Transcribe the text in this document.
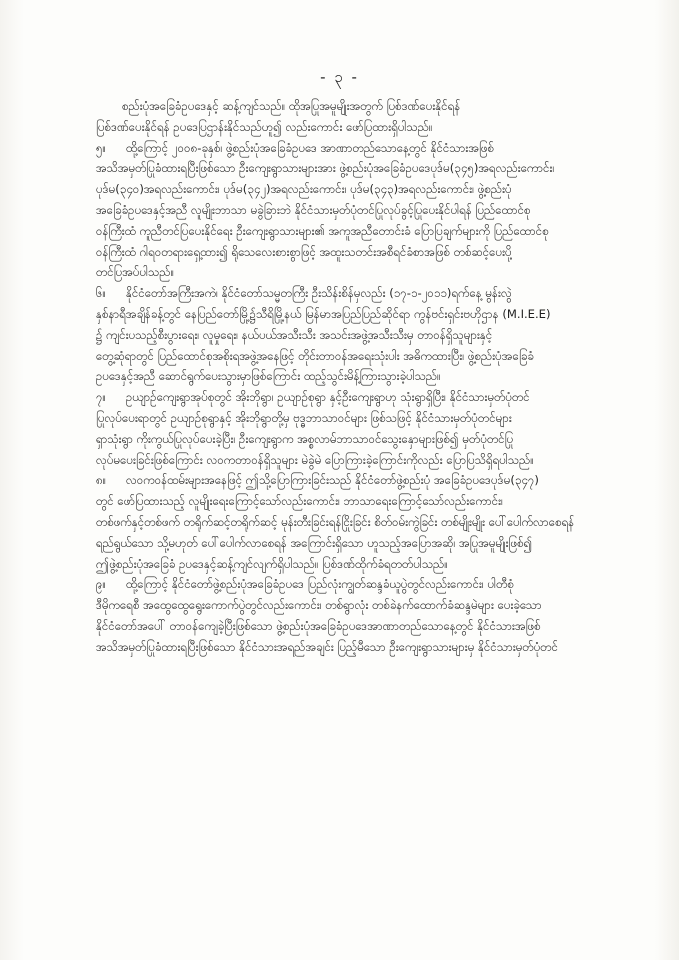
- ၃ -
စည်းပုံအခြေခံဥပဒေနှင့် ဆန့်ကျင်သည်။ ထိုအပြုအမူမျိုးအတွက် ပြစ်ဒဏ်ပေးနိုင်ရန်
ပြစ်ဒဏ်ပေးနိုင်ရန် ဥပဒေပြဌာန်းနိုင်သည်ဟူ၍ လည်းကောင်း ဖော်ပြထားရှိပါသည်။
၅။ ထို့ကြောင့် ၂၀၀၈-ခုနှစ်၊ ဖွဲ့စည်းပုံအခြေခံဥပဒေ အာဏာတည်သောနေ့တွင် နိုင်ငံသားအဖြစ်
အသိအမှတ်ပြုခံထားရပြီးဖြစ်သော ဦးကျေးရွာသားများအား ဖွဲ့စည်းပုံအခြေခံဥပဒေပုဒ်မ(၃၄၅)အရလည်းကောင်း၊
ပုဒ်မ(၃၄၀)အရလည်းကောင်း၊ ပုဒ်မ(၃၄၂)အရလည်းကောင်း၊ ပုဒ်မ(၃၄၃)အရလည်းကောင်း၊ ဖွဲ့စည်းပုံ
အခြေခံဥပဒေနှင့်အညီ လူမျိုးဘာသာ မခွဲခြားဘဲ နိုင်ငံသားမှတ်ပုံတင်ပြုလုပ်ခွင့်ပြုပေးနိုင်ပါရန် ပြည်ထောင်စု
ဝန်ကြီးထံ ကူညီတင်ပြပေးနိုင်ရေး ဦးကျေးရွာသားများ၏ အကူအညီတောင်းခံ ပြောပြချက်များကို ပြည်ထောင်စု
ဝန်ကြီးထံ ဂါရဝတရားရှေ့ထား၍ ရိုသေလေးစားစွာဖြင့် အထူးသတင်းအစီရင်ခံစာအဖြစ် တစ်ဆင့်ပေးပို့
တင်ပြအပ်ပါသည်။
၆။ နိုင်ငံတော်အကြီးအကဲ၊ နိုင်ငံတော်သမ္မတကြီး ဦးသိန်းစိန်မှလည်း (၁၇-၁-၂၀၁၁)ရက်နေ့ မွန်းလွဲ
နှစ်နာရီအချိန်ခန့်တွင် နေပြည်တော်မြို့၌သီရိမြို့နယ် မြန်မာအပြည်ပြည်ဆိုင်ရာ ကွန်ဗင်းရှင်းဗဟိုဌာန (M.I.E.E)
၌ ကျင်းပသည့်စီးပွားရေး၊ လူမှုရေး၊ နယ်ပယ်အသီးသီး အသင်းအဖွဲ့အသီးသီးမှ တာဝန်ရှိသူများနှင့်
တွေ့ဆုံရာတွင် ပြည်ထောင်စုအစိုးရအဖွဲ့အနေဖြင့် တိုင်းတာဝန်အရေးသုံးပါး အဓိကထားပြီး၊ ဖွဲ့စည်းပုံအခြေခံ
ဥပဒေနှင့်အညီ ဆောင်ရွက်ပေးသွားမှာဖြစ်ကြောင်း ထည့်သွင်းမိန့်ကြားသွားခဲ့ပါသည်။
၇။ ဥယျာဉ်ကျေးရွာအုပ်စုတွင် အိုးဘိုရွာ၊ ဥယျာဉ်စုရွာ နှင့်ဦးကျေးရွာဟု သုံးရွာရှိပြီး၊ နိုင်ငံသားမှတ်ပုံတင်
ပြုလုပ်ပေးရာတွင် ဥယျာဉ်စုရွာနှင့် အိုးဘိုရွာတို့မှ ဗုဒ္ဓဘာသာဝင်များ ဖြစ်သဖြင့် နိုင်ငံသားမှတ်ပုံတင်များ
ရှာသုံးရွာ ကိုးကွယ်ပြုလုပ်ပေးခဲ့ပြီး၊ ဦးကျေးရွာက အစ္စလာမ်ဘာသာဝင်သွေးနှောများဖြစ်၍ မှတ်ပုံတင်ပြု
လုပ်မပေးခြင်းဖြစ်ကြောင်း လဝကတာဝန်ရှိသူများ မဲခွဲမဲ ပြောကြားခဲ့ကြောင်းကိုလည်း ပြောပြသိရှိရပါသည်။
၈။ လဝကဝန်ထမ်းများအနေဖြင့် ဤသို့ပြောကြားခြင်းသည် နိုင်ငံတော်ဖွဲ့စည်းပုံ အခြေခံဥပဒေပုဒ်မ(၃၄၇)
တွင် ဖော်ပြထားသည့် လူမျိုးရေးကြောင့်သော်လည်းကောင်း၊ ဘာသာရေးကြောင့်သော်လည်းကောင်း၊
တစ်ဖက်နှင့်တစ်ဖက် တရိုက်ဆင့်တရိုက်ဆင့် မုန်းတီးခြင်းရန်ငြိုးခြင်း စိတ်ဝမ်းကွဲခြင်း တစ်မျိုးမျိုး ပေါ်ပေါက်လာစေရန်
ရည်ရွယ်သော သို့မဟုတ် ပေါ်ပေါက်လာစေရန် အကြောင်းရှိသော ဟူသည့်အပြောအဆို၊ အပြုအမူမျိုးဖြစ်၍
ဤဖွဲ့စည်းပုံအခြေခံ ဥပဒေနှင့်ဆန့်ကျင်လျက်ရှိပါသည်။ ပြစ်ဒဏ်ထိုက်ခံရတတ်ပါသည်။
၉။ ထို့ကြောင့် နိုင်ငံတော်ဖွဲ့စည်းပုံအခြေခံဥပဒေ ပြည်လုံးကျွတ်ဆန္ဒခံယူပွဲတွင်လည်းကောင်း၊ ပါတီစုံ
ဒီမိုကရေစီ အထွေထွေရွေးကောက်ပွဲတွင်လည်းကောင်း၊ တစ်ရွာလုံး တစ်ခဲနက်ထောက်ခံဆန္ဒမဲများ ပေးခဲ့သော
နိုင်ငံတော်အပေါ် တာဝန်ကျေခဲ့ပြီးဖြစ်သော ဖွဲ့စည်းပုံအခြေခံဥပဒေအာဏာတည်သောနေ့တွင် နိုင်ငံသားအဖြစ်
အသိအမှတ်ပြုခံထားရပြီးဖြစ်သော နိုင်ငံသားအရည်အချင်း ပြည့်မီသော ဦးကျေးရွာသားများမှ နိုင်ငံသားမှတ်ပုံတင်
